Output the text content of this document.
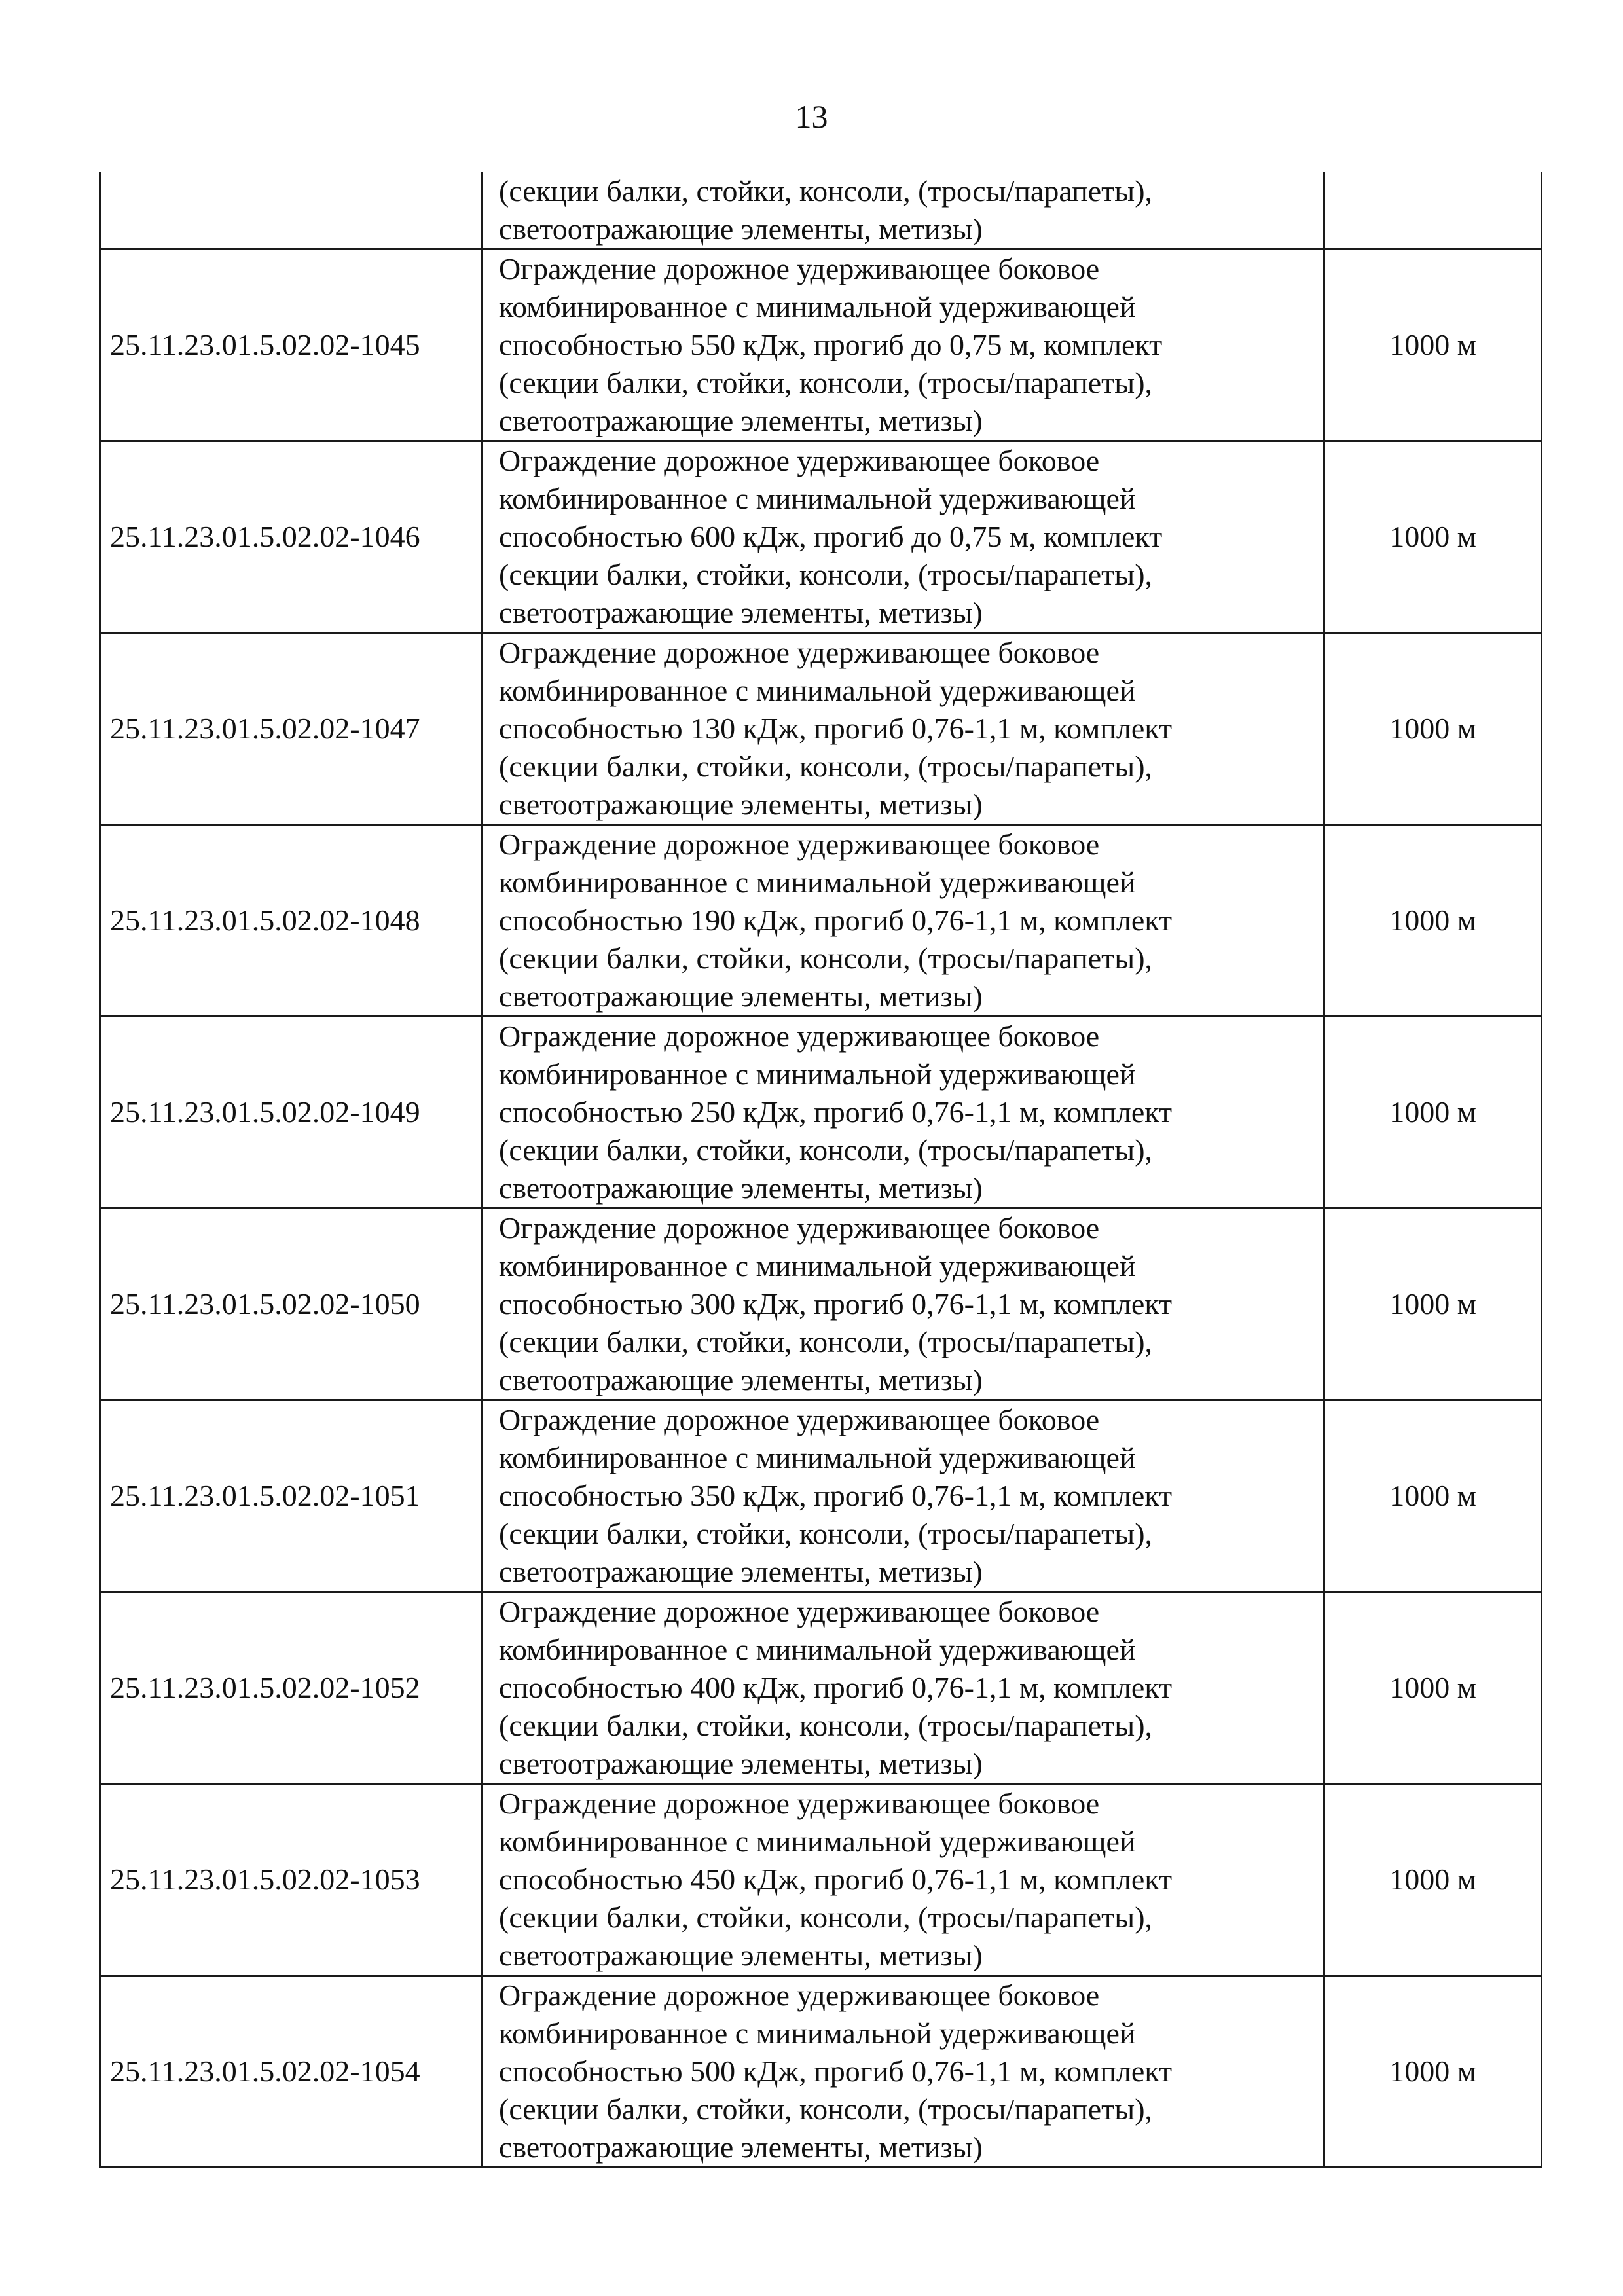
13

	(секции балки, стойки, консоли, (тросы/парапеты),
светоотражающие элементы, метизы)	

25.11.23.01.5.02.02-1045	Ограждение дорожное удерживающее боковое
комбинированное с минимальной удерживающей
способностью 550 кДж, прогиб до 0,75 м, комплект
(секции балки, стойки, консоли, (тросы/парапеты),
светоотражающие элементы, метизы)	1000 м
25.11.23.01.5.02.02-1046	Ограждение дорожное удерживающее боковое
комбинированное с минимальной удерживающей
способностью 600 кДж, прогиб до 0,75 м, комплект
(секции балки, стойки, консоли, (тросы/парапеты),
светоотражающие элементы, метизы)	1000 м
25.11.23.01.5.02.02-1047	Ограждение дорожное удерживающее боковое
комбинированное с минимальной удерживающей
способностью 130 кДж, прогиб 0,76-1,1 м, комплект
(секции балки, стойки, консоли, (тросы/парапеты),
светоотражающие элементы, метизы)	1000 м
25.11.23.01.5.02.02-1048	Ограждение дорожное удерживающее боковое
комбинированное с минимальной удерживающей
способностью 190 кДж, прогиб 0,76-1,1 м, комплект
(секции балки, стойки, консоли, (тросы/парапеты),
светоотражающие элементы, метизы)	1000 м
25.11.23.01.5.02.02-1049	Ограждение дорожное удерживающее боковое
комбинированное с минимальной удерживающей
способностью 250 кДж, прогиб 0,76-1,1 м, комплект
(секции балки, стойки, консоли, (тросы/парапеты),
светоотражающие элементы, метизы)	1000 м
25.11.23.01.5.02.02-1050	Ограждение дорожное удерживающее боковое
комбинированное с минимальной удерживающей
способностью 300 кДж, прогиб 0,76-1,1 м, комплект
(секции балки, стойки, консоли, (тросы/парапеты),
светоотражающие элементы, метизы)	1000 м
25.11.23.01.5.02.02-1051	Ограждение дорожное удерживающее боковое
комбинированное с минимальной удерживающей
способностью 350 кДж, прогиб 0,76-1,1 м, комплект
(секции балки, стойки, консоли, (тросы/парапеты),
светоотражающие элементы, метизы)	1000 м
25.11.23.01.5.02.02-1052	Ограждение дорожное удерживающее боковое
комбинированное с минимальной удерживающей
способностью 400 кДж, прогиб 0,76-1,1 м, комплект
(секции балки, стойки, консоли, (тросы/парапеты),
светоотражающие элементы, метизы)	1000 м
25.11.23.01.5.02.02-1053	Ограждение дорожное удерживающее боковое
комбинированное с минимальной удерживающей
способностью 450 кДж, прогиб 0,76-1,1 м, комплект
(секции балки, стойки, консоли, (тросы/парапеты),
светоотражающие элементы, метизы)	1000 м
25.11.23.01.5.02.02-1054	Ограждение дорожное удерживающее боковое
комбинированное с минимальной удерживающей
способностью 500 кДж, прогиб 0,76-1,1 м, комплект
(секции балки, стойки, консоли, (тросы/парапеты),
светоотражающие элементы, метизы)	1000 м
